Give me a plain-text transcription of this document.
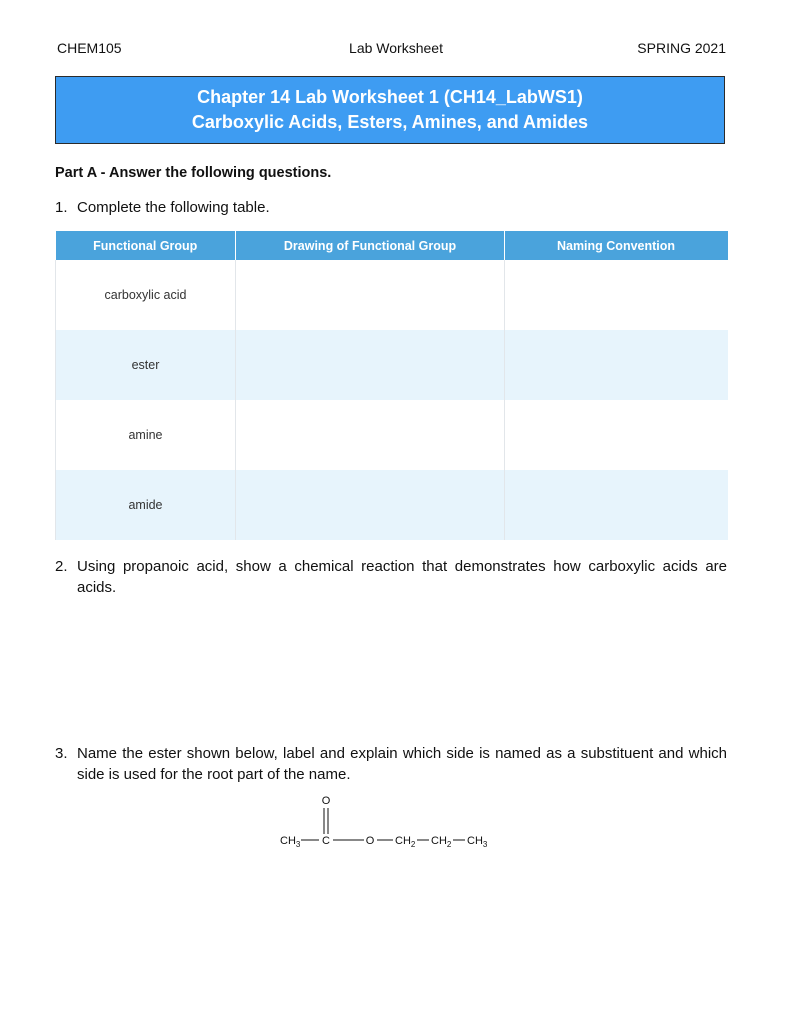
CHEM105	Lab Worksheet	SPRING 2021
Chapter 14 Lab Worksheet 1 (CH14_LabWS1)
Carboxylic Acids, Esters, Amines, and Amides
Part A - Answer the following questions.
1. Complete the following table.
Functional Group	Drawing of Functional Group	Naming Convention
carboxylic acid		
ester		
amine		
amide		
2. Using propanoic acid, show a chemical reaction that demonstrates how carboxylic acids are acids.
3. Name the ester shown below, label and explain which side is named as a substituent and which side is used for the root part of the name.
O
$CH_3$ C	O $CH_2$ $CH_2$ $CH_3$
